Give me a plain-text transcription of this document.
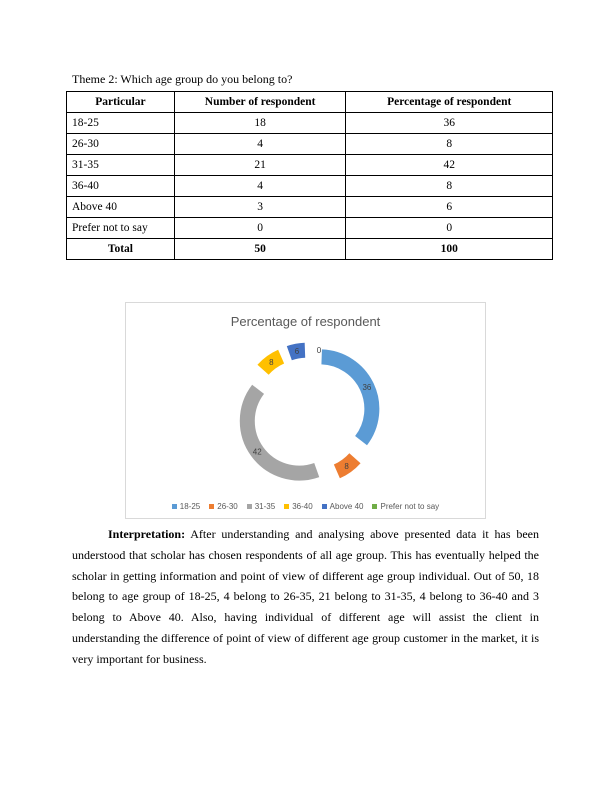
Theme 2: Which age group do you belong to?
Particular	Number of respondent	Percentage of respondent
18-25	18	36
26-30	4	8
31-35	21	42
36-40	4	8
Above 40	3	6
Prefer not to say	0	0
Total	50	100
Percentage of respondent
36
8
42
8
6 0
18-25 26-30 31-35 36-40 Above 40 Prefer not to say

Interpretation: After understanding and analysing above presented data it has been understood that scholar has chosen respondents of all age group. This has eventually helped the scholar in getting information and point of view of different age group individual. Out of 50, 18 belong to age group of 18-25, 4 belong to 26-35, 21 belong to 31-35, 4 belong to 36-40 and 3 belong to Above 40. Also, having individual of different age will assist the client in understanding the difference of point of view of different age group customer in the market, it is very important for business.
